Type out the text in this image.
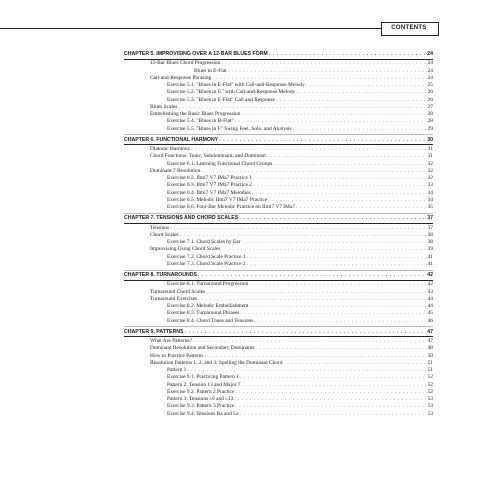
CONTENTS
CHAPTER 5. IMPROVISING OVER A 12-BAR BLUES FORM . . .	24
12-Bar Blues Chord Progression . . .	24
Blues in E-Flat . . .	24
Call-and-Response Phrasing . . .	24
Exercise 5.1. "Blues in E-Flat" with Call-and-Response Melody . . .	25
Exercise 5.2. "Blues in G" with Call-and-Response Melody . . .	26
Exercise 5.3. "Blues in E-Flat" Call and Response . . .	26
Blues Scales . . .	27
Embellishing the Basic Blues Progression . . .	28
Exercise 5.4. "Blues in B-Flat" . . .	28
Exercise 5.5. "Blues in F" Swing Feel, Solo, and Analysis . . .	29
CHAPTER 6. FUNCTIONAL HARMONY . . .	30
Diatonic Harmony . . .	31
Chord Functions: Tonic, Subdominant, and Dominant . . .	31
Exercise 6.1. Learning Functional Chord Groups . . .	32
Dominant 7 Resolution . . .	32
Exercise 6.2. IImi7 V7 IMa7 Practice 1 . . .	32
Exercise 6.3. IImi7 V7 IMa7 Practice 2 . . .	33
Exercise 6.4. IImi7 V7 IMa7 Melodies . . .	34
Exercise 6.5. Melodic IImi7 V7 IMa7 Practice . . .	34
Exercise 6.6. Four-Bar Melodic Practice on IImi7 V7 IMa7 . . .	35
CHAPTER 7. TENSIONS AND CHORD SCALES . . .	37
Tensions . . .	37
Chord Scales . . .	38
Exercise 7.1. Chord Scales by Ear . . .	38
Improvising Using Chord Scales . . .	39
Exercise 7.2. Chord Scale Practice 1 . . .	41
Exercise 7.3. Chord Scale Practice 2 . . .	41
CHAPTER 8. TURNAROUNDS . . .	42
Exercise 8.1. Turnaround Progression . . .	42
Turnaround Chord Scales . . .	43
Turnaround Exercises . . .	44
Exercise 8.2. Melodic Embellishment . . .	44
Exercise 8.3. Turnaround Phrases . . .	45
Exercise 8.4. Chord Tones and Tensions . . .	46
CHAPTER 9. PATTERNS . . .	47
What Are Patterns? . . .	47
Dominant Resolution and Secondary Dominants . . .	48
How to Practice Patterns . . .	50
Resolution Patterns 1, 2, and 3: Spelling the Dominant Chord . . .	51
Pattern 1 . . .	51
Exercise 9.1. Practicing Pattern 1 . . .	52
Pattern 2: Tension 13 and Major 7 . . .	52
Exercise 9.2. Pattern 2 Practice . . .	52
Pattern 3: Tensions ♭9 and ♭13 . . .	53
Exercise 9.3. Pattern 3 Practice . . .	53
Exercise 9.4. Tensions Ra and Le . . .	53
